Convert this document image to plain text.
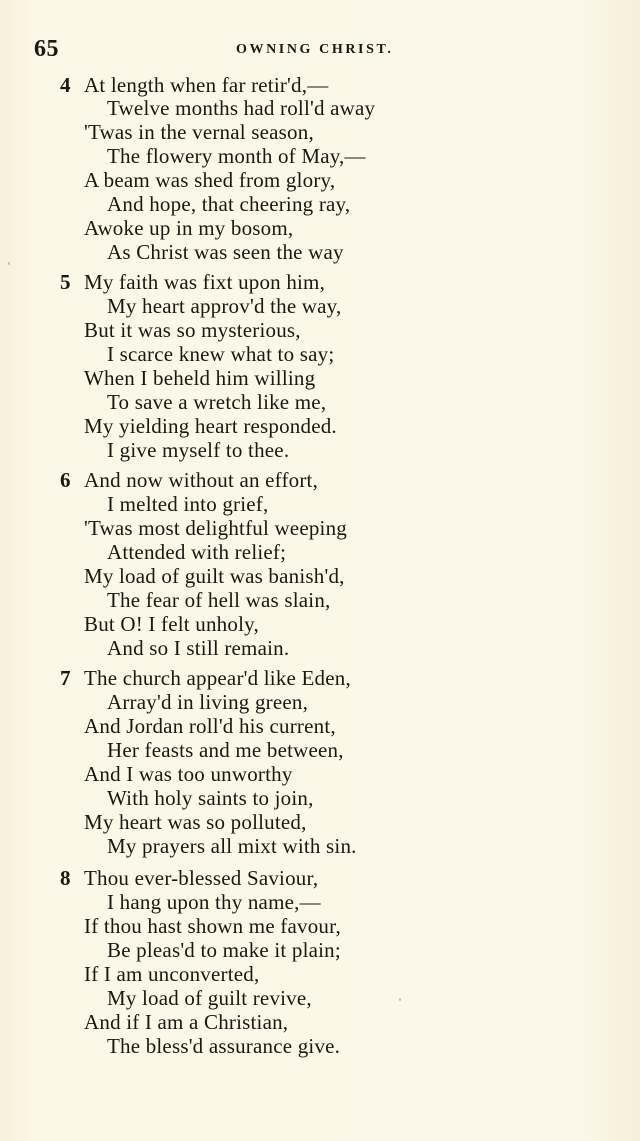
65	OWNING CHRIST.
4 At length when far retir'd,—
Twelve months had roll'd away
'Twas in the vernal season,
The flowery month of May,—
A beam was shed from glory,
And hope, that cheering ray,
Awoke up in my bosom,
As Christ was seen the way
5 My faith was fixt upon him,
My heart approv'd the way,
But it was so mysterious,
I scarce knew what to say;
When I beheld him willing
To save a wretch like me,
My yielding heart responded.
I give myself to thee.
6 And now without an effort,
I melted into grief,
'Twas most delightful weeping
Attended with relief;
My load of guilt was banish'd,
The fear of hell was slain,
But O! I felt unholy,
And so I still remain.
7 The church appear'd like Eden,
Array'd in living green,
And Jordan roll'd his current,
Her feasts and me between,
And I was too unworthy
With holy saints to join,
My heart was so polluted,
My prayers all mixt with sin.
8 Thou ever-blessed Saviour,
I hang upon thy name,—
If thou hast shown me favour,
Be pleas'd to make it plain;
If I am unconverted,
My load of guilt revive,
And if I am a Christian,
The bless'd assurance give.
